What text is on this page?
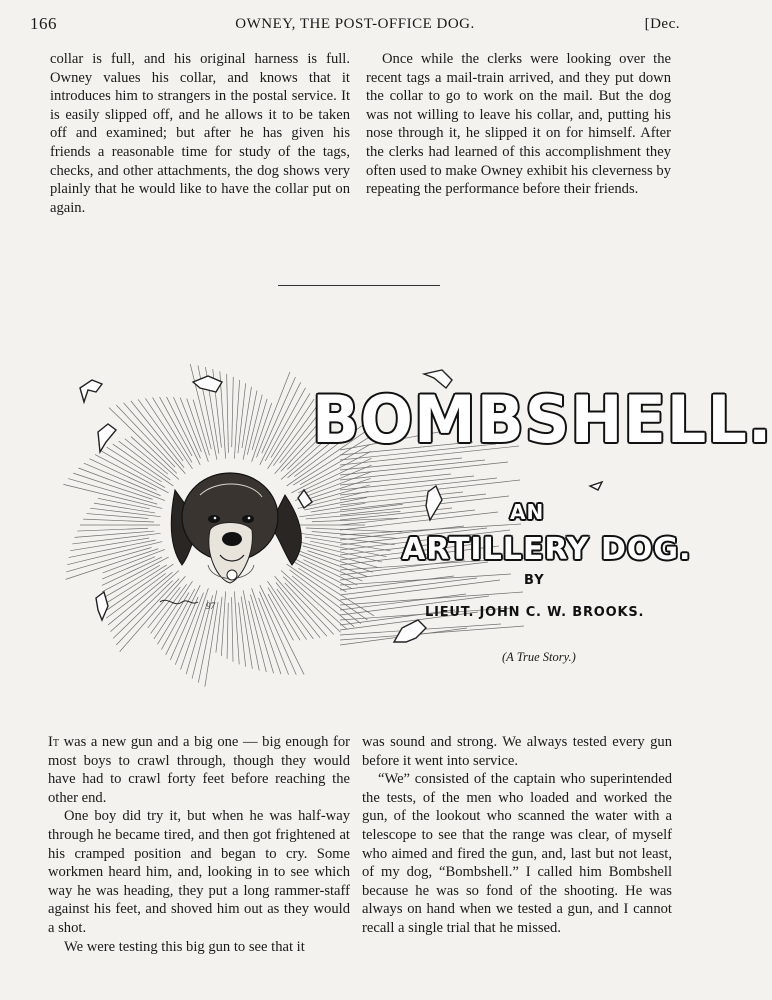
166	OWNEY, THE POST-OFFICE DOG.	[Dec.

collar is full, and his original harness is full. Owney values his collar, and knows that it introduces him to strangers in the postal service. It is easily slipped off, and he allows it to be taken off and examined; but after he has given his friends a reasonable time for study of the tags, checks, and other attachments, the dog shows very plainly that he would like to have the collar put on again.

Once while the clerks were looking over the recent tags a mail-train arrived, and they put down the collar to go to work on the mail. But the dog was not willing to leave his collar, and, putting his nose through it, he slipped it on for himself. After the clerks had learned of this accomplishment they often used to make Owney exhibit his cleverness by repeating the performance before their friends.

97
BOMBSHELL.
AN
ARTILLERY DOG.
BY
LIEUT. JOHN C. W. BROOKS.
(A True Story.)

It was a new gun and a big one — big enough for most boys to crawl through, though they would have had to crawl forty feet before reaching the other end.

One boy did try it, but when he was half-way through he became tired, and then got frightened at his cramped position and began to cry. Some workmen heard him, and, looking in to see which way he was heading, they put a long rammer-staff against his feet, and shoved him out as they would a shot.

We were testing this big gun to see that it

was sound and strong. We always tested every gun before it went into service.

“We” consisted of the captain who superintended the tests, of the men who loaded and worked the gun, of the lookout who scanned the water with a telescope to see that the range was clear, of myself who aimed and fired the gun, and, last but not least, of my dog, “Bombshell.” I called him Bombshell because he was so fond of the shooting. He was always on hand when we tested a gun, and I cannot recall a single trial that he missed.
